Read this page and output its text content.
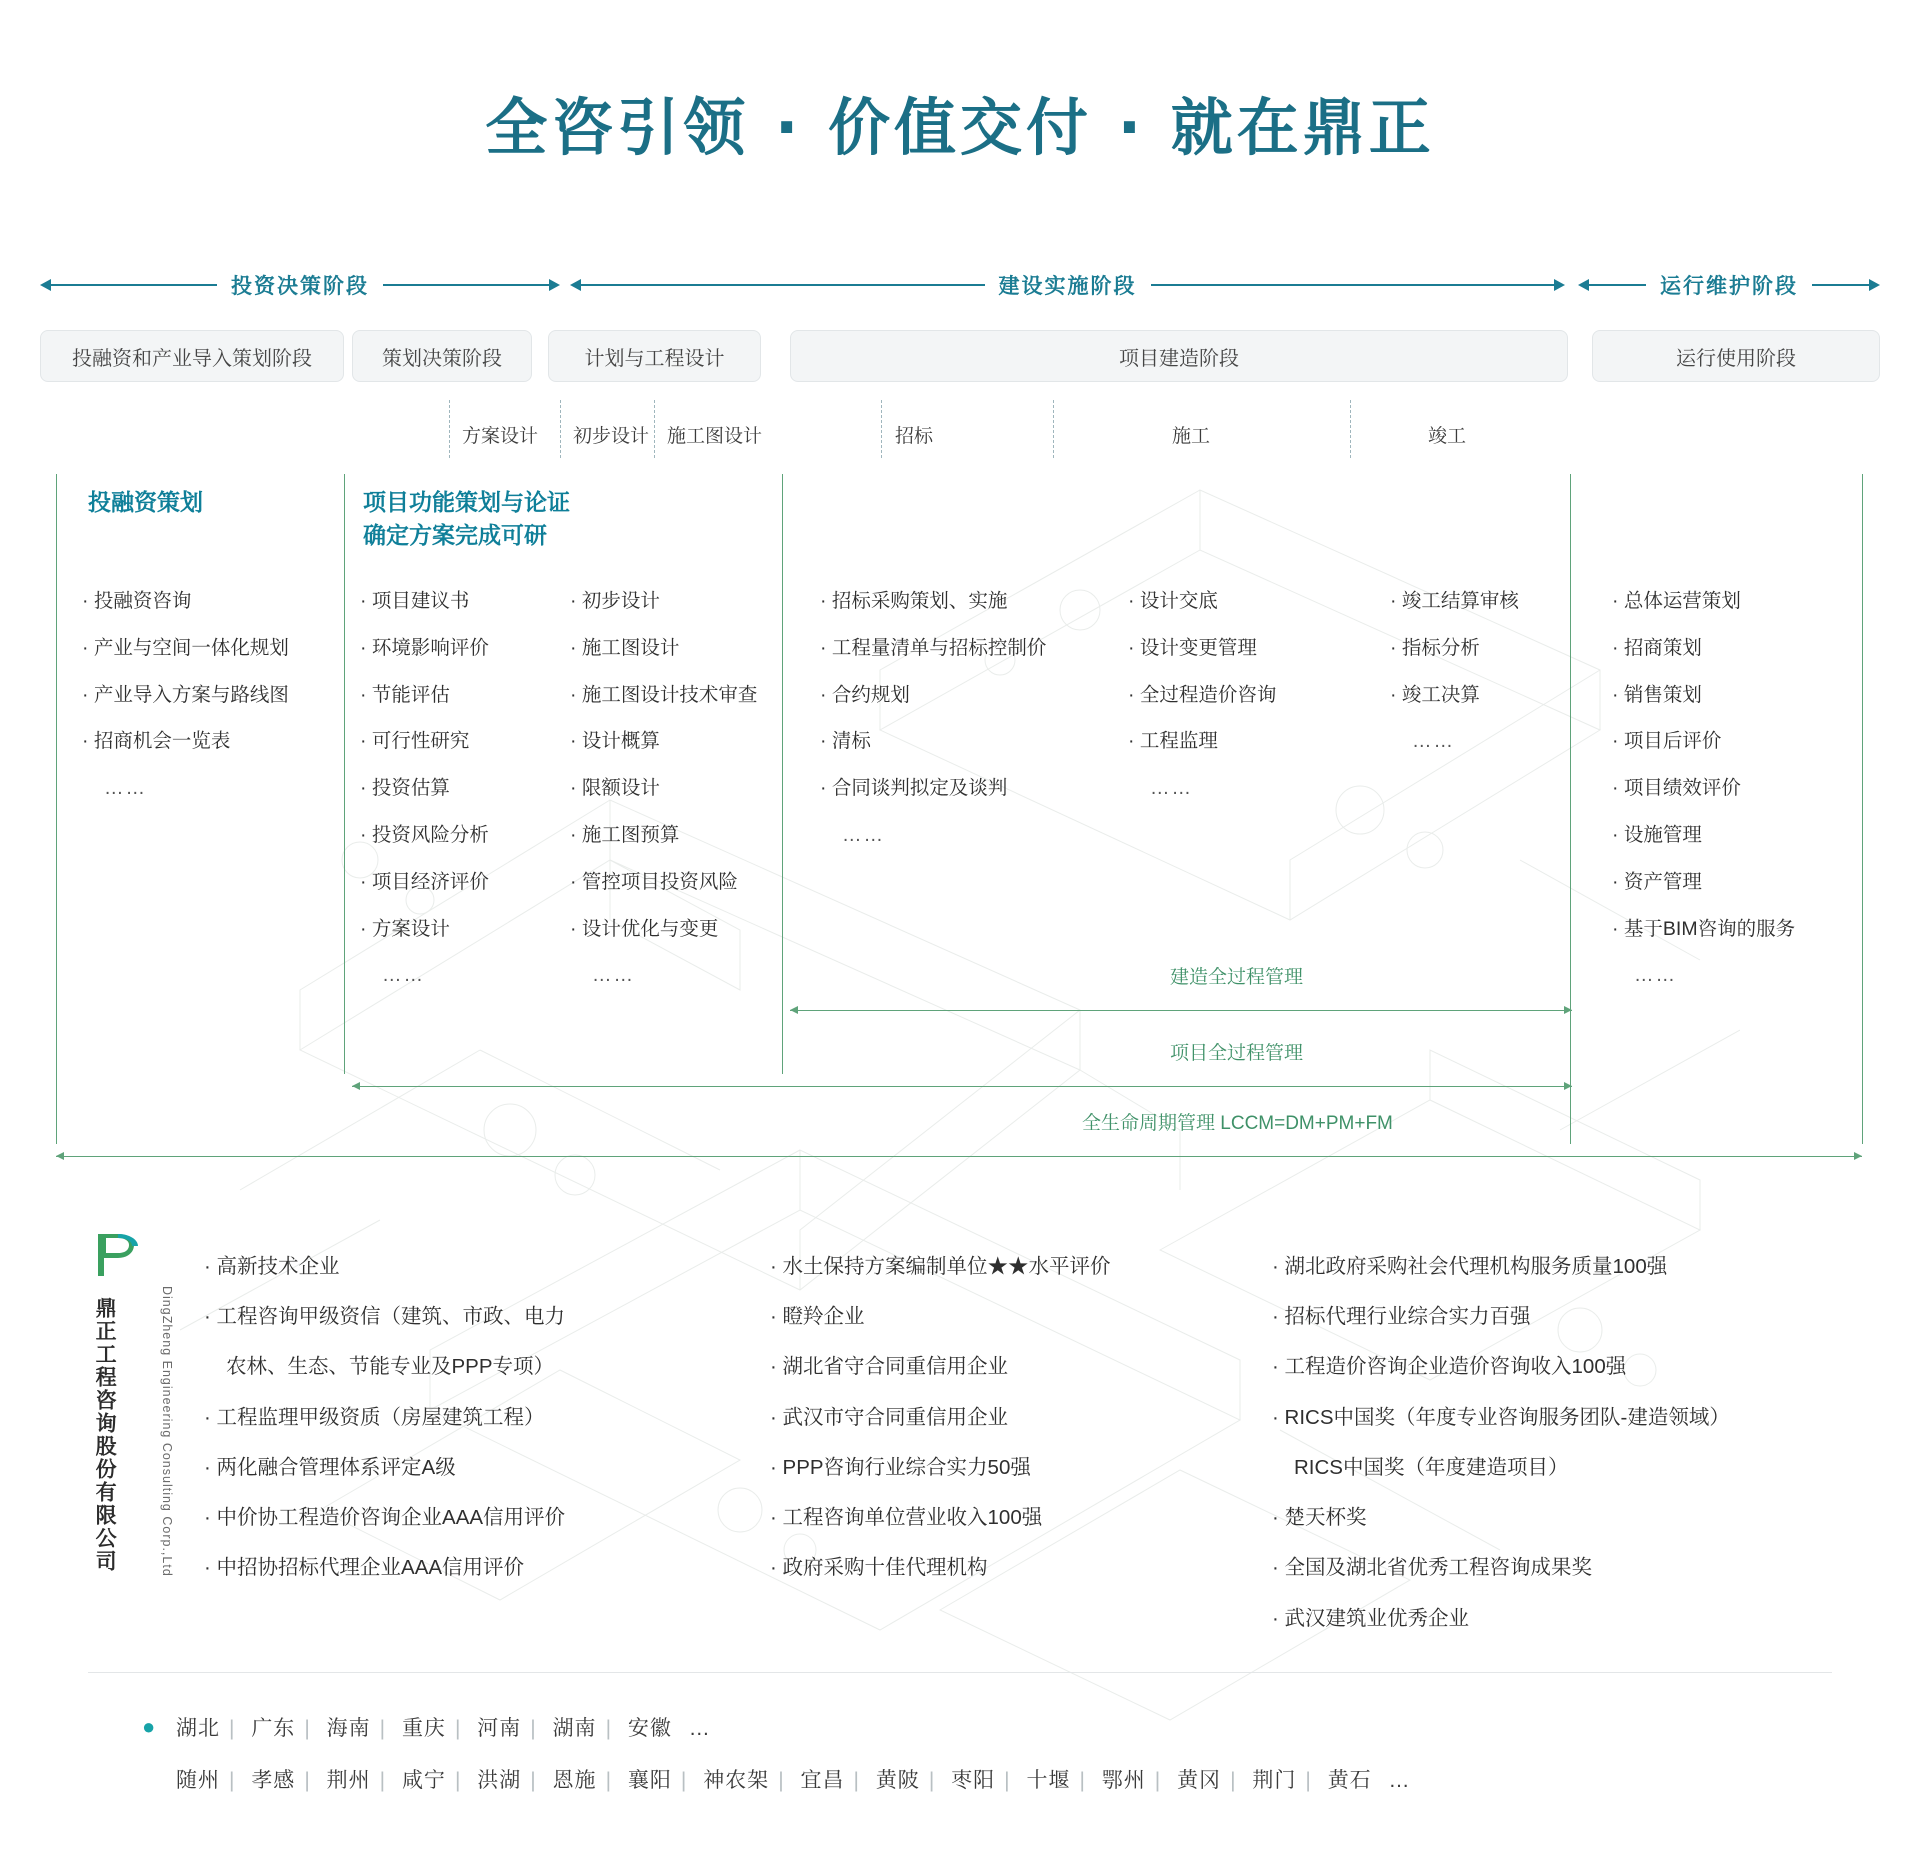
全咨引领 · 价值交付 · 就在鼎正
投资决策阶段	建设实施阶段	运行维护阶段
投融资和产业导入策划阶段	策划决策阶段	计划与工程设计	项目建造阶段	运行使用阶段
方案设计 初步设计 施工图设计	招标	施工	竣工
投融资策划
· 投融资咨询
· 产业与空间一体化规划
· 产业导入方案与路线图
· 招商机会一览表
……
项目功能策划与论证
确定方案完成可研
· 项目建议书
· 环境影响评价
· 节能评估
· 可行性研究
· 投资估算
· 投资风险分析
· 项目经济评价
· 方案设计
……
· 初步设计
· 施工图设计
· 施工图设计技术审查
· 设计概算
· 限额设计
· 施工图预算
· 管控项目投资风险
· 设计优化与变更
……
· 招标采购策划、实施
· 工程量清单与招标控制价
· 合约规划
· 清标
· 合同谈判拟定及谈判
……
· 设计交底
· 设计变更管理
· 全过程造价咨询
· 工程监理
……
· 竣工结算审核
· 指标分析
· 竣工决算
……
· 总体运营策划
· 招商策划
· 销售策划
· 项目后评价
· 项目绩效评价
· 设施管理
· 资产管理
· 基于BIM咨询的服务
……
建造全过程管理
项目全过程管理
全生命周期管理 LCCM=DM+PM+FM
鼎正工程咨询股份有限公司	DingZheng Engineering Consulting Corp.,Ltd
· 高新技术企业
· 工程咨询甲级资信（建筑、市政、电力
农林、生态、节能专业及PPP专项）
· 工程监理甲级资质（房屋建筑工程）
· 两化融合管理体系评定A级
· 中价协工程造价咨询企业AAA信用评价
· 中招协招标代理企业AAA信用评价
· 水土保持方案编制单位★★水平评价
· 瞪羚企业
· 湖北省守合同重信用企业
· 武汉市守合同重信用企业
· PPP咨询行业综合实力50强
· 工程咨询单位营业收入100强
· 政府采购十佳代理机构
· 湖北政府采购社会代理机构服务质量100强
· 招标代理行业综合实力百强
· 工程造价咨询企业造价咨询收入100强
· RICS中国奖（年度专业咨询服务团队-建造领域）
RICS中国奖（年度建造项目）
· 楚天杯奖
· 全国及湖北省优秀工程咨询成果奖
· 武汉建筑业优秀企业
● 湖北 | 广东 | 海南 | 重庆 | 河南 | 湖南 | 安徽 …
随州 | 孝感 | 荆州 | 咸宁 | 洪湖 | 恩施 | 襄阳 | 神农架 | 宜昌 | 黄陂 | 枣阳 | 十堰 | 鄂州 | 黄冈 | 荆门 | 黄石 …
